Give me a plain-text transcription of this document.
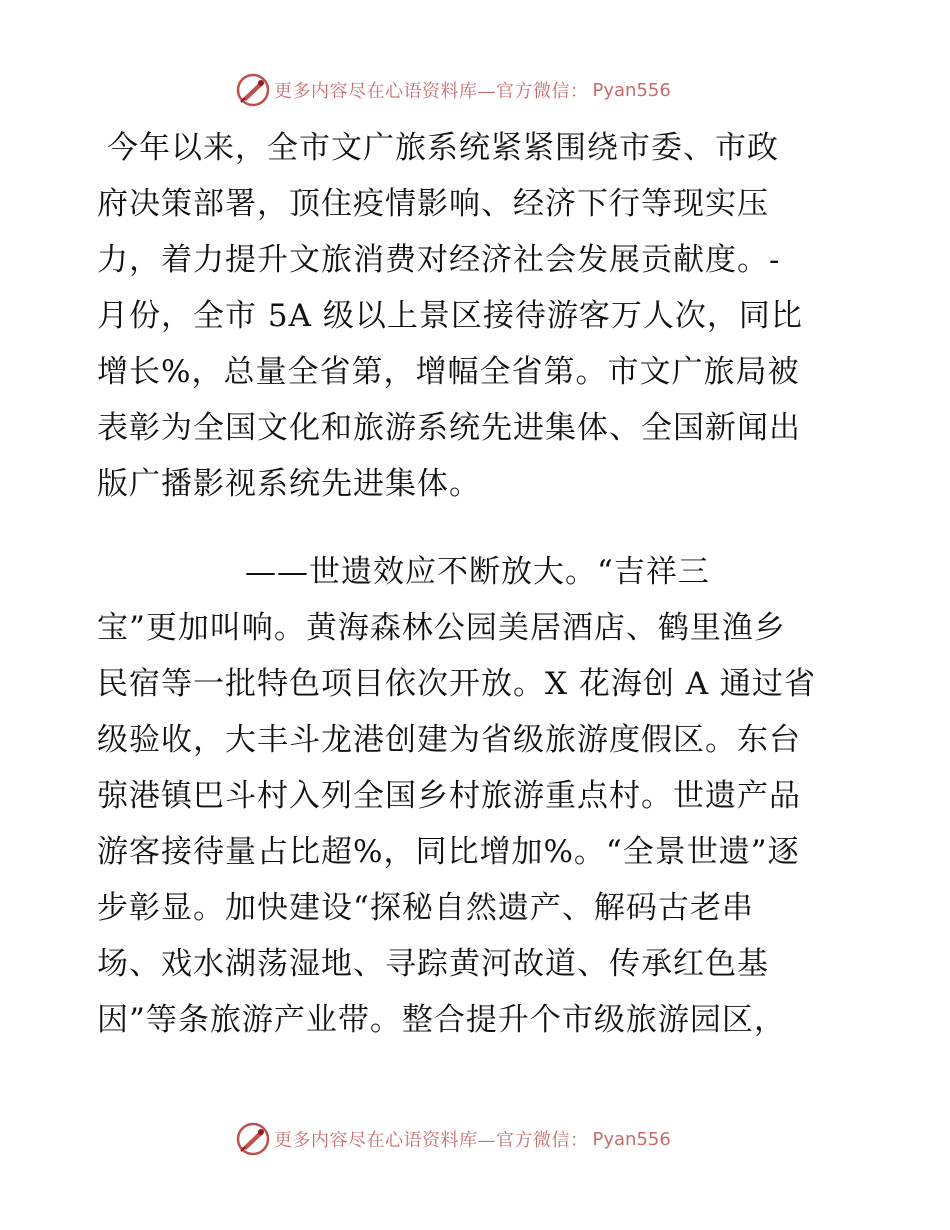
更多内容尽在心语资料库—官方微信： Pyan556
今年以来，全市文广旅系统紧紧围绕市委、市政
府决策部署，顶住疫情影响、经济下行等现实压
力，着力提升文旅消费对经济社会发展贡献度。-
月份，全市 5A 级以上景区接待游客万人次，同比
增长%，总量全省第，增幅全省第。市文广旅局被
表彰为全国文化和旅游系统先进集体、全国新闻出
版广播影视系统先进集体。
——世遗效应不断放大。“吉祥三
宝”更加叫响。黄海森林公园美居酒店、鹤里渔乡
民宿等一批特色项目依次开放。X 花海创 A 通过省
级验收，大丰斗龙港创建为省级旅游度假区。东台
弶港镇巴斗村入列全国乡村旅游重点村。世遗产品
游客接待量占比超%，同比增加%。“全景世遗”逐
步彰显。加快建设“探秘自然遗产、解码古老串
场、戏水湖荡湿地、寻踪黄河故道、传承红色基
因”等条旅游产业带。整合提升个市级旅游园区，
更多内容尽在心语资料库—官方微信： Pyan556
